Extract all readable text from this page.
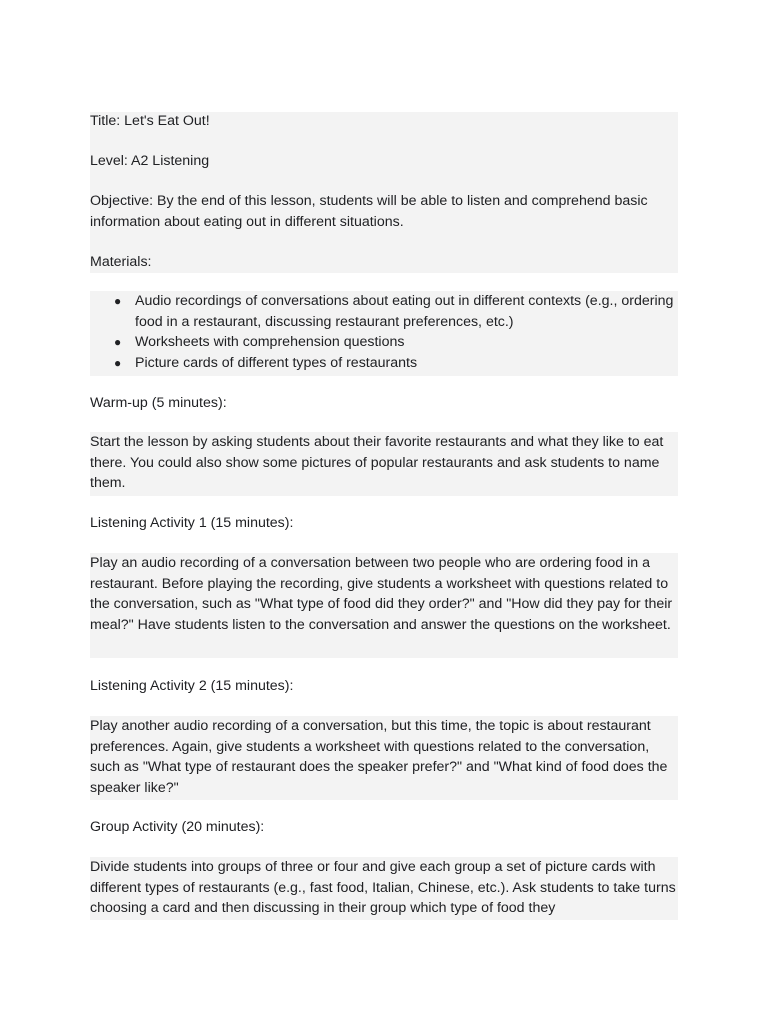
Title: Let's Eat Out!

Level: A2 Listening

Objective: By the end of this lesson, students will be able to listen and comprehend basic information about eating out in different situations.

Materials:

● Audio recordings of conversations about eating out in different contexts (e.g., ordering food in a restaurant, discussing restaurant preferences, etc.)
● Worksheets with comprehension questions
● Picture cards of different types of restaurants

Warm-up (5 minutes):

Start the lesson by asking students about their favorite restaurants and what they like to eat there. You could also show some pictures of popular restaurants and ask students to name them.

Listening Activity 1 (15 minutes):

Play an audio recording of a conversation between two people who are ordering food in a restaurant. Before playing the recording, give students a worksheet with questions related to the conversation, such as "What type of food did they order?" and "How did they pay for their meal?" Have students listen to the conversation and answer the questions on the worksheet.

Listening Activity 2 (15 minutes):

Play another audio recording of a conversation, but this time, the topic is about restaurant preferences. Again, give students a worksheet with questions related to the conversation, such as "What type of restaurant does the speaker prefer?" and "What kind of food does the speaker like?"

Group Activity (20 minutes):

Divide students into groups of three or four and give each group a set of picture cards with different types of restaurants (e.g., fast food, Italian, Chinese, etc.). Ask students to take turns choosing a card and then discussing in their group which type of food they
